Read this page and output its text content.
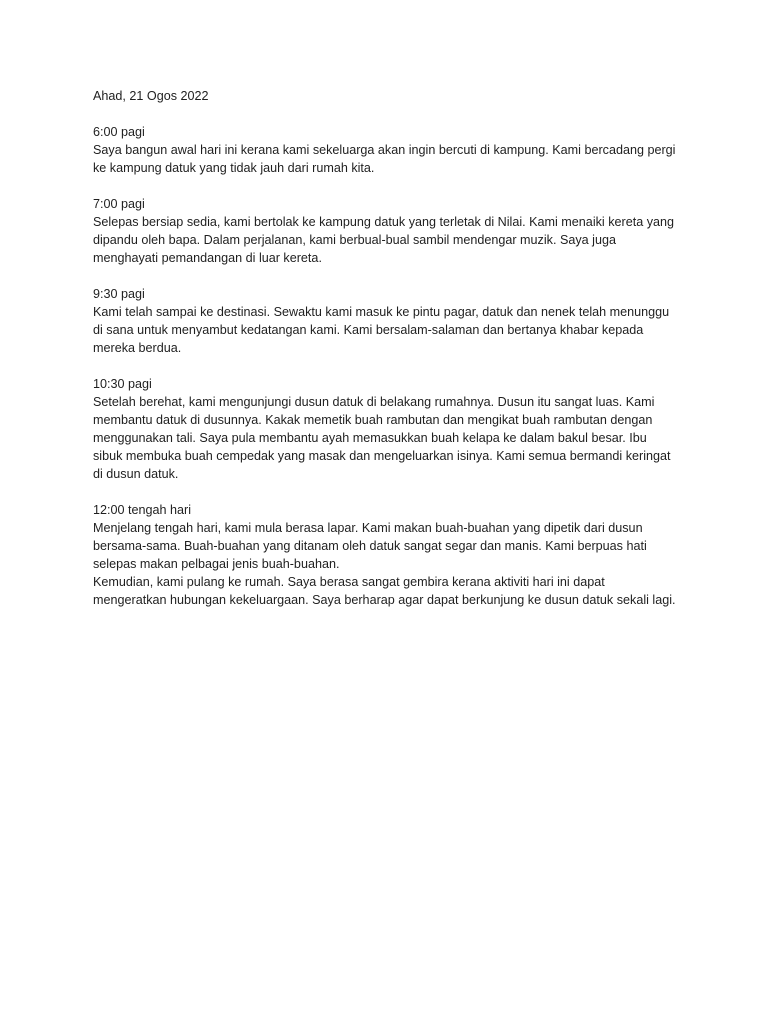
Ahad, 21 Ogos 2022

6:00 pagi

Saya bangun awal hari ini kerana kami sekeluarga akan ingin bercuti di kampung. Kami bercadang pergi ke kampung datuk yang tidak jauh dari rumah kita.

7:00 pagi

Selepas bersiap sedia, kami bertolak ke kampung datuk yang terletak di Nilai. Kami menaiki kereta yang dipandu oleh bapa. Dalam perjalanan, kami berbual-bual sambil mendengar muzik. Saya juga menghayati pemandangan di luar kereta.

9:30 pagi

Kami telah sampai ke destinasi. Sewaktu kami masuk ke pintu pagar, datuk dan nenek telah menunggu di sana untuk menyambut kedatangan kami. Kami bersalam-salaman dan bertanya khabar kepada mereka berdua.

10:30 pagi

Setelah berehat, kami mengunjungi dusun datuk di belakang rumahnya. Dusun itu sangat luas. Kami membantu datuk di dusunnya. Kakak memetik buah rambutan dan mengikat buah rambutan dengan menggunakan tali. Saya pula membantu ayah memasukkan buah kelapa ke dalam bakul besar. Ibu sibuk membuka buah cempedak yang masak dan mengeluarkan isinya. Kami semua bermandi keringat di dusun datuk.

12:00 tengah hari

Menjelang tengah hari, kami mula berasa lapar. Kami makan buah-buahan yang dipetik dari dusun bersama-sama. Buah-buahan yang ditanam oleh datuk sangat segar dan manis. Kami berpuas hati selepas makan pelbagai jenis buah-buahan.

Kemudian, kami pulang ke rumah. Saya berasa sangat gembira kerana aktiviti hari ini dapat mengeratkan hubungan kekeluargaan. Saya berharap agar dapat berkunjung ke dusun datuk sekali lagi.
